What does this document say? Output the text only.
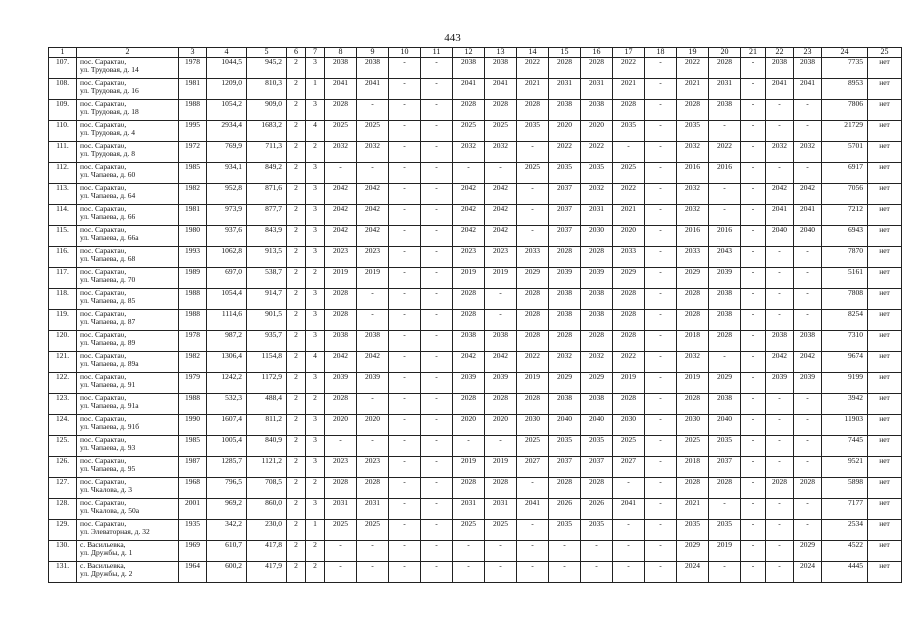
443
1	2	3	4	5	6	7	8	9	10	11	12	13	14	15	16	17	18	19	20	21	22	23	24	25
107.	пос. Сарактаυ,
ул. Трудовая, д. 14	1978	1044,5	945,2	2	3	2038	2038	-	-	2038	2038	2022	2028	2028	2022	-	2022	2028	-	2038	2038	7735	нет
108.	пос. Сарактаυ,
ул. Трудовая, д. 16	1981	1209,0	810,3	2	1	2041	2041	-	-	2041	2041	2021	2031	2031	2021	-	2021	2031	-	2041	2041	8953	нет
109.	пос. Сарактаυ,
ул. Трудовая, д. 18	1988	1054,2	909,0	2	3	2028	-	-	-	2028	2028	2028	2038	2038	2028	-	2028	2038	-	-	-	7806	нет
110.	пос. Сарактаυ,
ул. Трудовая, д. 4	1995	2934,4	1683,2	2	4	2025	2025	-	-	2025	2025	2035	2020	2020	2035	-	2035	-	-	-	-	21729	нет
111.	пос. Сарактаυ,
ул. Трудовая, д. 8	1972	769,9	711,3	2	2	2032	2032	-	-	2032	2032	-	2022	2022	-	-	2032	2022	-	2032	2032	5701	нет
112.	пос. Сарактаυ,
ул. Чапаева, д. 60	1985	934,1	849,2	2	3	-	-	-	-	-	-	2025	2035	2035	2025	-	2016	2016	-	-	-	6917	нет
113.	пос. Сарактаυ,
ул. Чапаева, д. 64	1982	952,8	871,6	2	3	2042	2042	-	-	2042	2042	-	2037	2032	2022	-	2032	-	-	2042	2042	7056	нет
114.	пос. Сарактаυ,
ул. Чапаева, д. 66	1981	973,9	877,7	2	3	2042	2042	-	-	2042	2042	-	2037	2031	2021	-	2032	-	-	2041	2041	7212	нет
115.	пос. Сарактаυ,
ул. Чапаева, д. 66а	1980	937,6	843,9	2	3	2042	2042	-	-	2042	2042	-	2037	2030	2020	-	2016	2016	-	2040	2040	6943	нет
116.	пос. Сарактаυ,
ул. Чапаева, д. 68	1993	1062,8	913,5	2	3	2023	2023	-	-	2023	2023	2033	2028	2028	2033	-	2033	2043	-	-	-	7870	нет
117.	пос. Сарактаυ,
ул. Чапаева, д. 70	1989	697,0	538,7	2	2	2019	2019	-	-	2019	2019	2029	2039	2039	2029	-	2029	2039	-	-	-	5161	нет
118.	пос. Сарактаυ,
ул. Чапаева, д. 85	1988	1054,4	914,7	2	3	2028	-	-	-	2028	-	2028	2038	2038	2028	-	2028	2038	-	-	-	7808	нет
119.	пос. Сарактаυ,
ул. Чапаева, д. 87	1988	1114,6	901,5	2	3	2028	-	-	-	2028	-	2028	2038	2038	2028	-	2028	2038	-	-	-	8254	нет
120.	пос. Сарактаυ,
ул. Чапаева, д. 89	1978	987,2	935,7	2	3	2038	2038	-	-	2038	2038	2028	2028	2028	2028	-	2018	2028	-	2038	2038	7310	нет
121.	пос. Сарактаυ,
ул. Чапаева, д. 89а	1982	1306,4	1154,8	2	4	2042	2042	-	-	2042	2042	2022	2032	2032	2022	-	2032	-	-	2042	2042	9674	нет
122.	пос. Сарактаυ,
ул. Чапаева, д. 91	1979	1242,2	1172,9	2	3	2039	2039	-	-	2039	2039	2019	2029	2029	2019	-	2019	2029	-	2039	2039	9199	нет
123.	пос. Сарактаυ,
ул. Чапаева, д. 91а	1988	532,3	488,4	2	2	2028	-	-	-	2028	2028	2028	2038	2038	2028	-	2028	2038	-	-	-	3942	нет
124.	пос. Сарактаυ,
ул. Чапаева, д. 91б	1990	1607,4	811,2	2	3	2020	2020	-	-	2020	2020	2030	2040	2040	2030	-	2030	2040	-	-	-	11903	нет
125.	пос. Сарактаυ,
ул. Чапаева, д. 93	1985	1005,4	840,9	2	3	-	-	-	-	-	-	2025	2035	2035	2025	-	2025	2035	-	-	-	7445	нет
126.	пос. Сарактаυ,
ул. Чапаева, д. 95	1987	1285,7	1121,2	2	3	2023	2023	-	-	2019	2019	2027	2037	2037	2027	-	2018	2037	-	-	-	9521	нет
127.	пос. Сарактаυ,
ул. Чкалова, д. 3	1968	796,5	708,5	2	2	2028	2028	-	-	2028	2028	-	2028	2028	-	-	2028	2028	-	2028	2028	5898	нет
128.	пос. Сарактаυ,
ул. Чкалова, д. 50а	2001	969,2	860,0	2	3	2031	2031	-	-	2031	2031	2041	2026	2026	2041	-	2021	-	-	-	-	7177	нет
129.	пос. Сарактаυ,
ул. Элеваторная, д. 32	1935	342,2	230,0	2	1	2025	2025	-	-	2025	2025	-	2035	2035	-	-	2035	2035	-	-	-	2534	нет
130.	с. Васильевка,
ул. Дружбы, д. 1	1969	610,7	417,8	2	2	-	-	-	-	-	-	-	-	-	-	-	2029	2019	-	-	2029	4522	нет
131.	с. Васильевка,
ул. Дружбы, д. 2	1964	600,2	417,9	2	2	-	-	-	-	-	-	-	-	-	-	-	2024	-	-	-	2024	4445	нет
